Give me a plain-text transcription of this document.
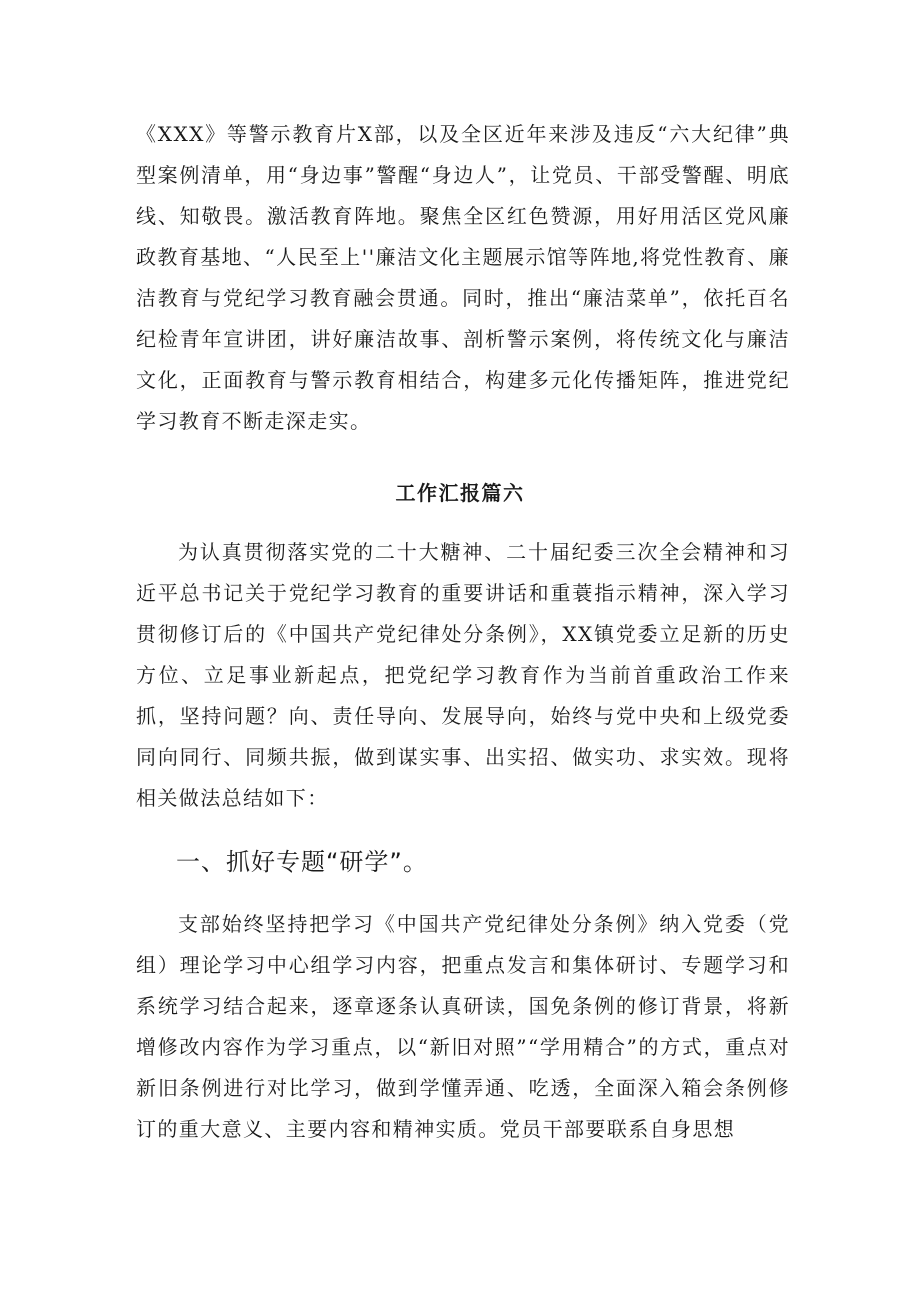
《XXX》等警示教育片X部，以及全区近年来涉及违反“六大纪律”典型案例清单，用“身边事”警醒“身边人”，让党员、干部受警醒、明底线、知敬畏。激活教育阵地。聚焦全区红色赞源，用好用活区党风廉政教育基地、“人民至上''廉洁文化主题展示馆等阵地,将党性教育、廉洁教育与党纪学习教育融会贯通。同时，推出“廉洁菜单”，依托百名纪检青年宣讲团，讲好廉洁故事、剖析警示案例，将传统文化与廉洁文化，正面教育与警示教育相结合，构建多元化传播矩阵，推进党纪学习教育不断走深走实。

工作汇报篇六

为认真贯彻落实党的二十大糖神、二十届纪委三次全会精神和习近平总书记关于党纪学习教育的重要讲话和重蓑指示精神，深入学习贯彻修订后的《中国共产党纪律处分条例》，XX镇党委立足新的历史方位、立足事业新起点，把党纪学习教育作为当前首重政治工作来抓，坚持问题？向、责任导向、发展导向，始终与党中央和上级党委同向同行、同频共振，做到谋实事、出实招、做实功、求实效。现将相关做法总结如下：

一、抓好专题“研学”。

支部始终坚持把学习《中国共产党纪律处分条例》纳入党委（党组）理论学习中心组学习内容，把重点发言和集体研讨、专题学习和系统学习结合起来，逐章逐条认真研读，国免条例的修订背景，将新增修改内容作为学习重点，以“新旧对照”“学用精合”的方式，重点对新旧条例进行对比学习，做到学懂弄通、吃透，全面深入箱会条例修订的重大意义、主要内容和精神实质。党员干部要联系自身思想
